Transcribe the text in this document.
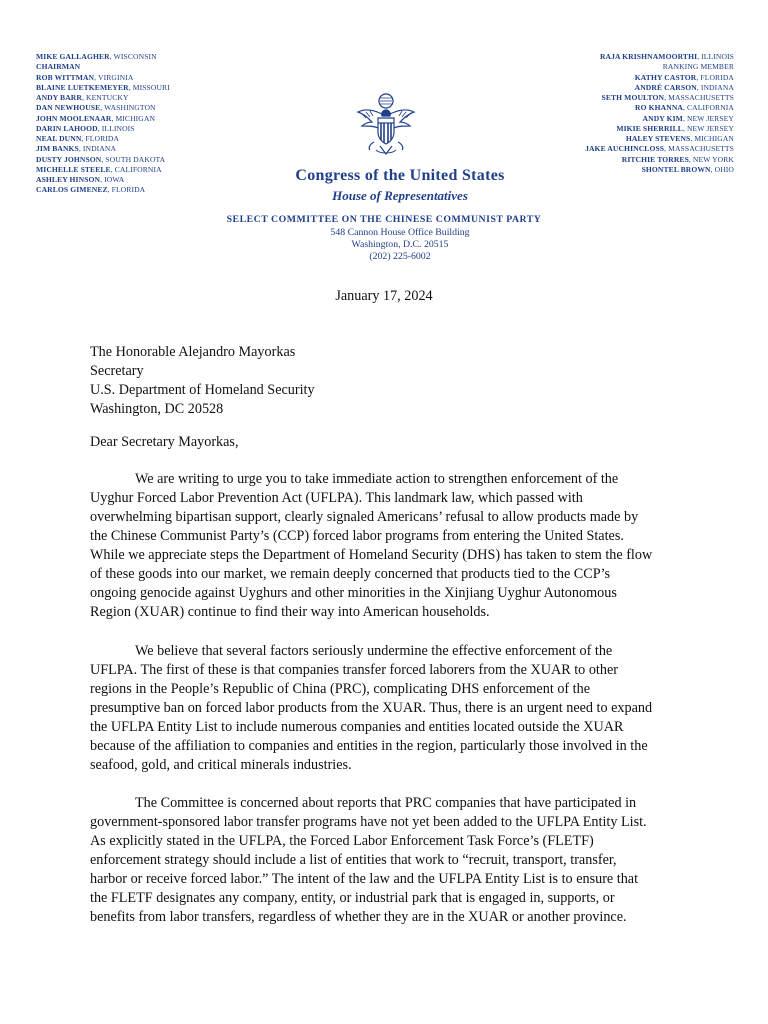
MIKE GALLAGHER, WISCONSIN
CHAIRMAN
ROB WITTMAN, VIRGINIA
BLAINE LUETKEMEYER, MISSOURI
ANDY BARR, KENTUCKY
DAN NEWHOUSE, WASHINGTON
JOHN MOOLENAAR, MICHIGAN
DARIN LAHOOD, ILLINOIS
NEAL DUNN, FLORIDA
JIM BANKS, INDIANA
DUSTY JOHNSON, SOUTH DAKOTA
MICHELLE STEELE, CALIFORNIA
ASHLEY HINSON, IOWA
CARLOS GIMENEZ, FLORIDA
RAJA KRISHNAMOORTHI, ILLINOIS
RANKING MEMBER
KATHY CASTOR, FLORIDA
ANDRÉ CARSON, INDIANA
SETH MOULTON, MASSACHUSETTS
RO KHANNA, CALIFORNIA
ANDY KIM, NEW JERSEY
MIKIE SHERRILL, NEW JERSEY
HALEY STEVENS, MICHIGAN
JAKE AUCHINCLOSS, MASSACHUSETTS
RITCHIE TORRES, NEW YORK
SHONTEL BROWN, OHIO
Congress of the United States
House of Representatives
SELECT COMMITTEE ON THE CHINESE COMMUNIST PARTY
548 Cannon House Office Building
Washington, D.C. 20515
(202) 225-6002
January 17, 2024
The Honorable Alejandro Mayorkas
Secretary
U.S. Department of Homeland Security
Washington, DC 20528
Dear Secretary Mayorkas,

We are writing to urge you to take immediate action to strengthen enforcement of the Uyghur Forced Labor Prevention Act (UFLPA). This landmark law, which passed with overwhelming bipartisan support, clearly signaled Americans’ refusal to allow products made by the Chinese Communist Party’s (CCP) forced labor programs from entering the United States. While we appreciate steps the Department of Homeland Security (DHS) has taken to stem the flow of these goods into our market, we remain deeply concerned that products tied to the CCP’s ongoing genocide against Uyghurs and other minorities in the Xinjiang Uyghur Autonomous Region (XUAR) continue to find their way into American households.

We believe that several factors seriously undermine the effective enforcement of the UFLPA. The first of these is that companies transfer forced laborers from the XUAR to other regions in the People’s Republic of China (PRC), complicating DHS enforcement of the presumptive ban on forced labor products from the XUAR. Thus, there is an urgent need to expand the UFLPA Entity List to include numerous companies and entities located outside the XUAR because of the affiliation to companies and entities in the region, particularly those involved in the seafood, gold, and critical minerals industries.

The Committee is concerned about reports that PRC companies that have participated in government-sponsored labor transfer programs have not yet been added to the UFLPA Entity List. As explicitly stated in the UFLPA, the Forced Labor Enforcement Task Force’s (FLETF) enforcement strategy should include a list of entities that work to “recruit, transport, transfer, harbor or receive forced labor.” The intent of the law and the UFLPA Entity List is to ensure that the FLETF designates any company, entity, or industrial park that is engaged in, supports, or benefits from labor transfers, regardless of whether they are in the XUAR or another province.
